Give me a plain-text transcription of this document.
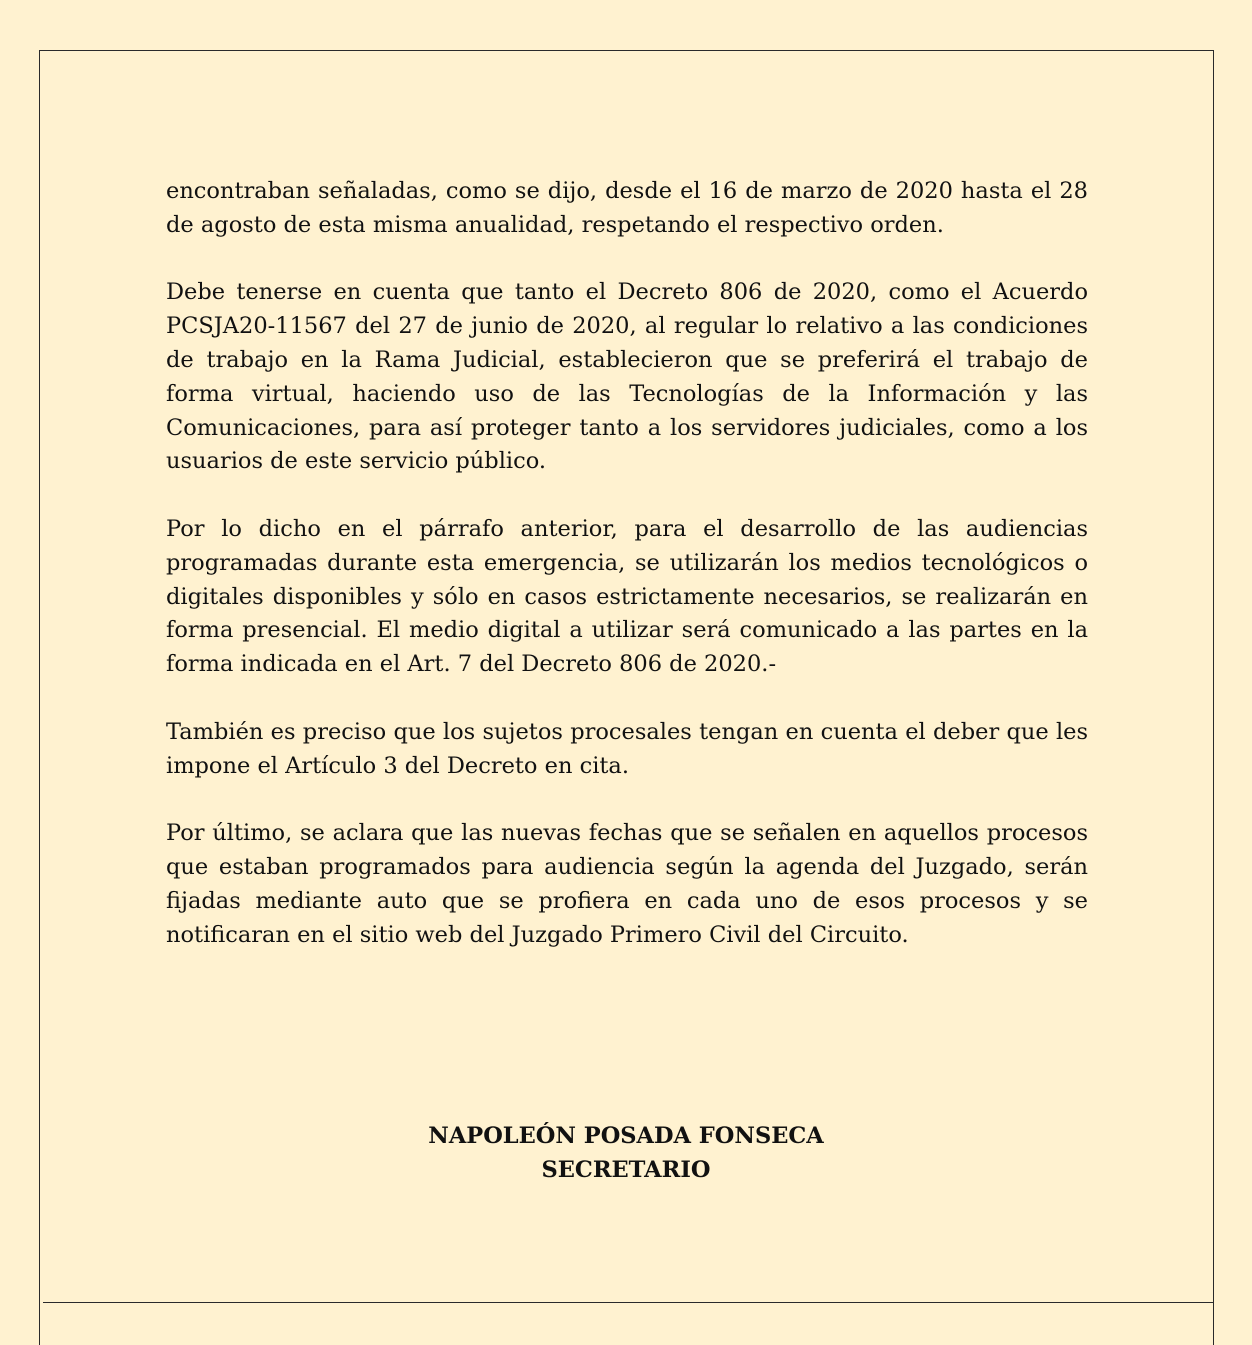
encontraban señaladas, como se dijo, desde el 16 de marzo de 2020 hasta el 28 de agosto de esta misma anualidad, respetando el respectivo orden.

Debe tenerse en cuenta que tanto el Decreto 806 de 2020, como el Acuerdo PCSJA20-11567 del 27 de junio de 2020, al regular lo relativo a las condiciones de trabajo en la Rama Judicial, establecieron que se preferirá el trabajo de forma virtual, haciendo uso de las Tecnologías de la Información y las Comunicaciones, para así proteger tanto a los servidores judiciales, como a los usuarios de este servicio público.

Por lo dicho en el párrafo anterior, para el desarrollo de las audiencias programadas durante esta emergencia, se utilizarán los medios tecnológicos o digitales disponibles y sólo en casos estrictamente necesarios, se realizarán en forma presencial. El medio digital a utilizar será comunicado a las partes en la forma indicada en el Art. 7 del Decreto 806 de 2020.-

También es preciso que los sujetos procesales tengan en cuenta el deber que les impone el Artículo 3 del Decreto en cita.

Por último, se aclara que las nuevas fechas que se señalen en aquellos procesos que estaban programados para audiencia según la agenda del Juzgado, serán fijadas mediante auto que se profiera en cada uno de esos procesos y se notificaran en el sitio web del Juzgado Primero Civil del Circuito.

NAPOLEÓN POSADA FONSECA
SECRETARIO
